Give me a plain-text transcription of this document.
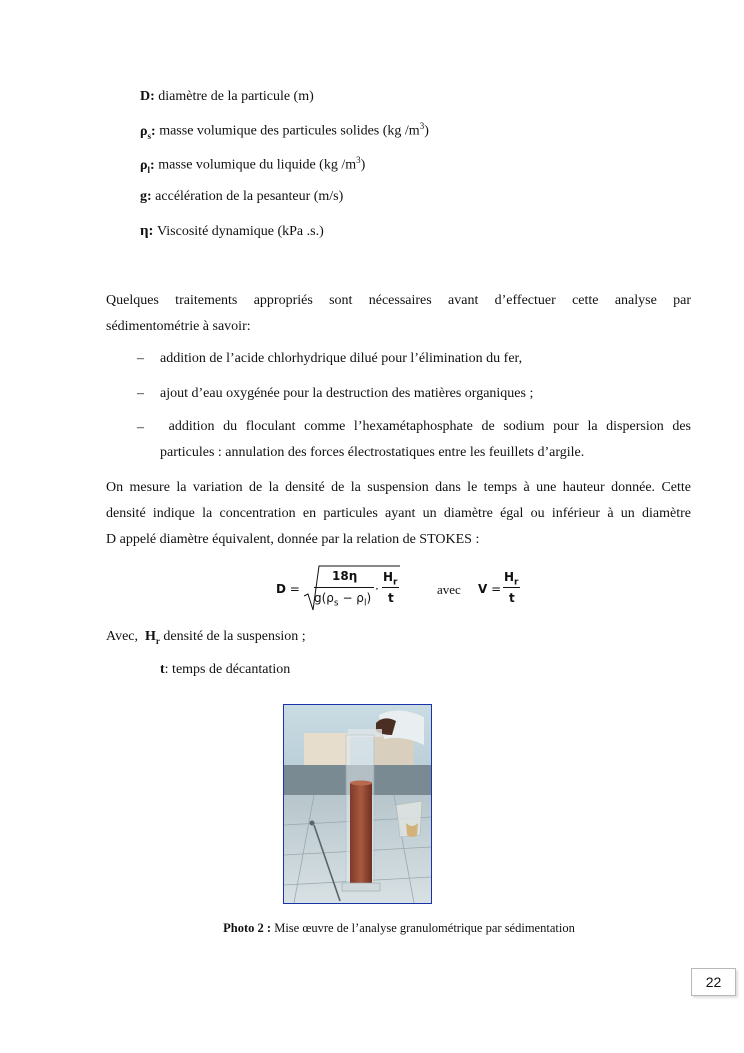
D: diamètre de la particule (m)
$\rho_s$: masse volumique des particules solides (kg $/m^3$)
$\rho_l$: masse volumique du liquide (kg $/m^3$)
g: accélération de la pesanteur (m/s)
η: Viscosité dynamique (kPa .s.)
Quelques traitements appropriés sont nécessaires avant d’effectuer cette analyse par
sédimentométrie à savoir:
– addition de l’acide chlorhydrique dilué pour l’élimination du fer,
– ajout d’eau oxygénée pour la destruction des matières organiques ;
– addition du floculant comme l’hexamétaphosphate de sodium pour la dispersion des
particules : annulation des forces électrostatiques entre les feuillets d’argile.
On mesure la variation de la densité de la suspension dans le temps à une hauteur donnée. Cette
densité indique la concentration en particules ayant un diamètre égal ou inférieur à un diamètre
D appelé diamètre équivalent, donnée par la relation de STOKES :
D =
18η
$g(\rho_s - \rho_l)$
·
$H_r$
t
avec V =
$H_r$
t
Avec,  $H_r$ densité de la suspension ;
t: temps de décantation
Photo 2 : Mise œuvre de l’analyse granulométrique par sédimentation
22
